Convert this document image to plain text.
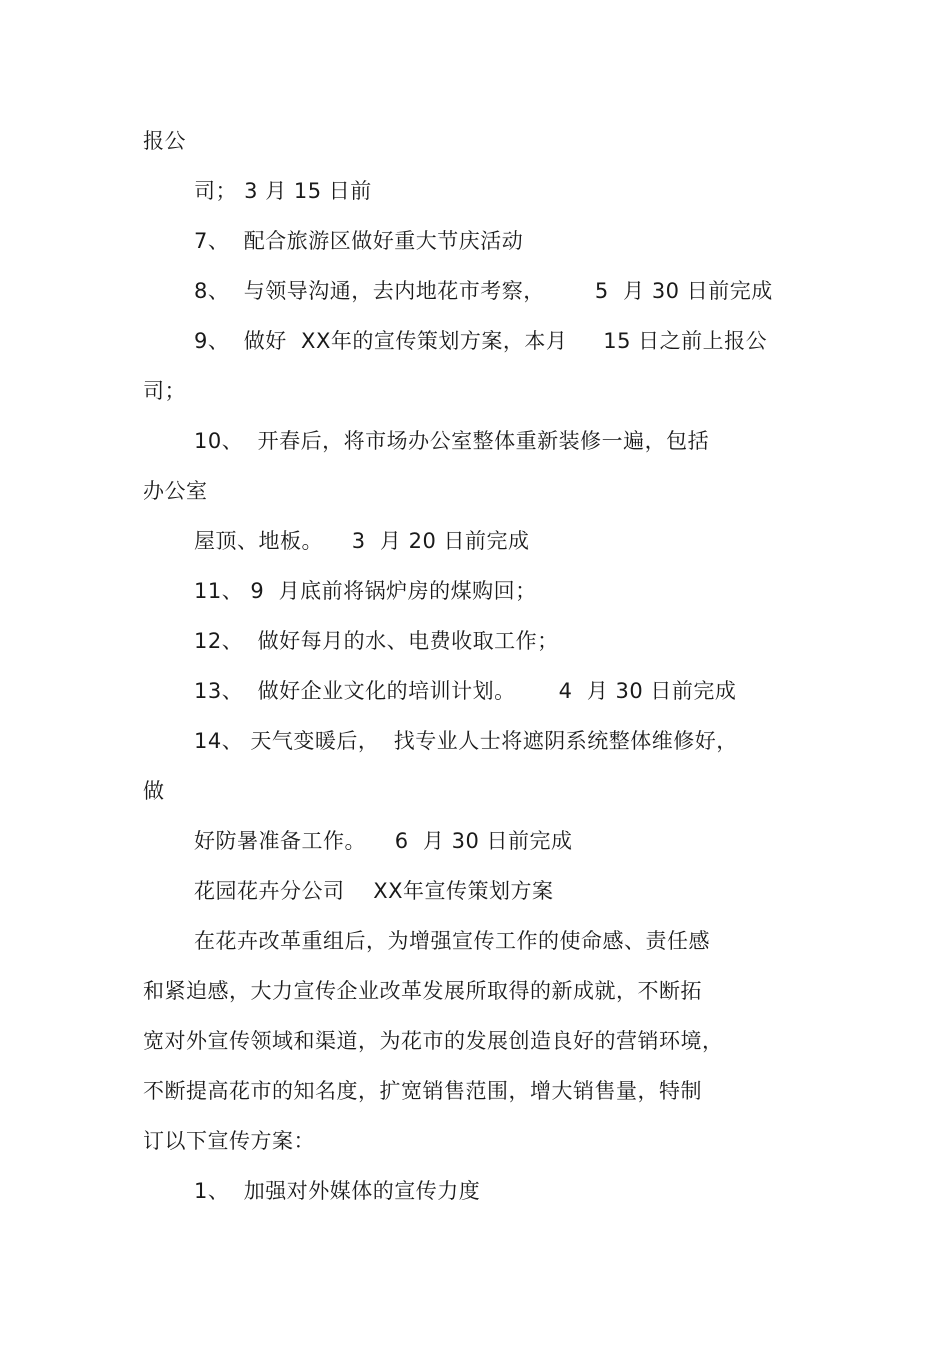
报公
司； 3 月 15 日前
7、  配合旅游区做好重大节庆活动
8、  与领导沟通，去内地花市考察，       5  月 30 日前完成
9、  做好  XX年的宣传策划方案，本月     15 日之前上报公
司；
10、  开春后，将市场办公室整体重新装修一遍，包括
办公室
屋顶、地板。    3  月 20 日前完成
11、 9  月底前将锅炉房的煤购回；
12、  做好每月的水、电费收取工作；
13、  做好企业文化的培训计划。      4  月 30 日前完成
14、 天气变暖后，  找专业人士将遮阴系统整体维修好，
做
好防暑准备工作。    6  月 30 日前完成
花园花卉分公司    XX年宣传策划方案
在花卉改革重组后，为增强宣传工作的使命感、责任感
和紧迫感，大力宣传企业改革发展所取得的新成就，不断拓
宽对外宣传领域和渠道，为花市的发展创造良好的营销环境，
不断提高花市的知名度，扩宽销售范围，增大销售量，特制
订以下宣传方案：
1、  加强对外媒体的宣传力度
